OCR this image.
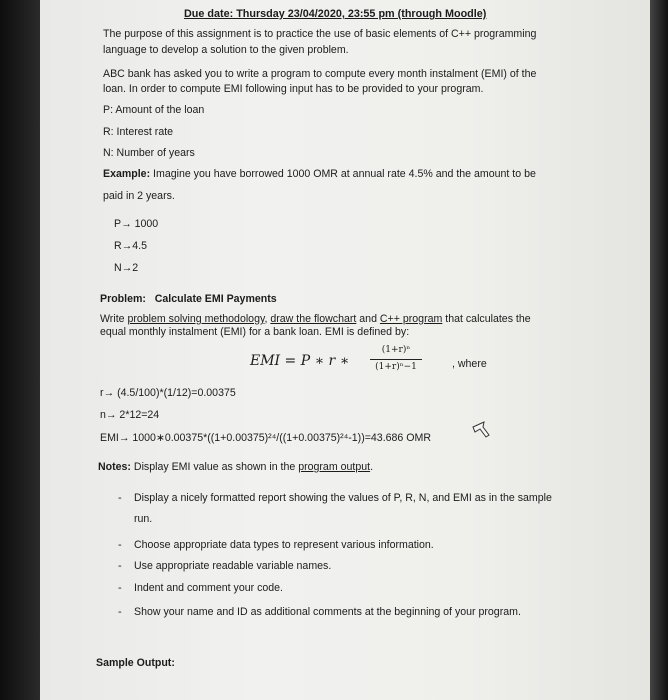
Due date: Thursday 23/04/2020, 23:55 pm (through Moodle)
The purpose of this assignment is to practice the use of basic elements of C++ programming
language to develop a solution to the given problem.
ABC bank has asked you to write a program to compute every month instalment (EMI) of the
loan. In order to compute EMI following input has to be provided to your program.
P: Amount of the loan
R: Interest rate
N: Number of years
Example: Imagine you have borrowed 1000 OMR at annual rate 4.5% and the amount to be
paid in 2 years.
P→ 1000
R→4.5
N→2
Problem: Calculate EMI Payments
Write problem solving methodology, draw the flowchart and C++ program that calculates the
equal monthly instalment (EMI) for a bank loan. EMI is defined by:
EMI = P ∗ r ∗
(1+r)ⁿ
(1+r)ⁿ−1	, where
r→ (4.5/100)*(1/12)=0.00375
n→ 2*12=24
EMI→ 1000∗0.00375*((1+0.00375)²⁴/((1+0.00375)²⁴-1))=43.686 OMR
Notes: Display EMI value as shown in the program output.
- Display a nicely formatted report showing the values of P, R, N, and EMI as in the sample
run.
- Choose appropriate data types to represent various information.
- Use appropriate readable variable names.
- Indent and comment your code.
- Show your name and ID as additional comments at the beginning of your program.
Sample Output:
